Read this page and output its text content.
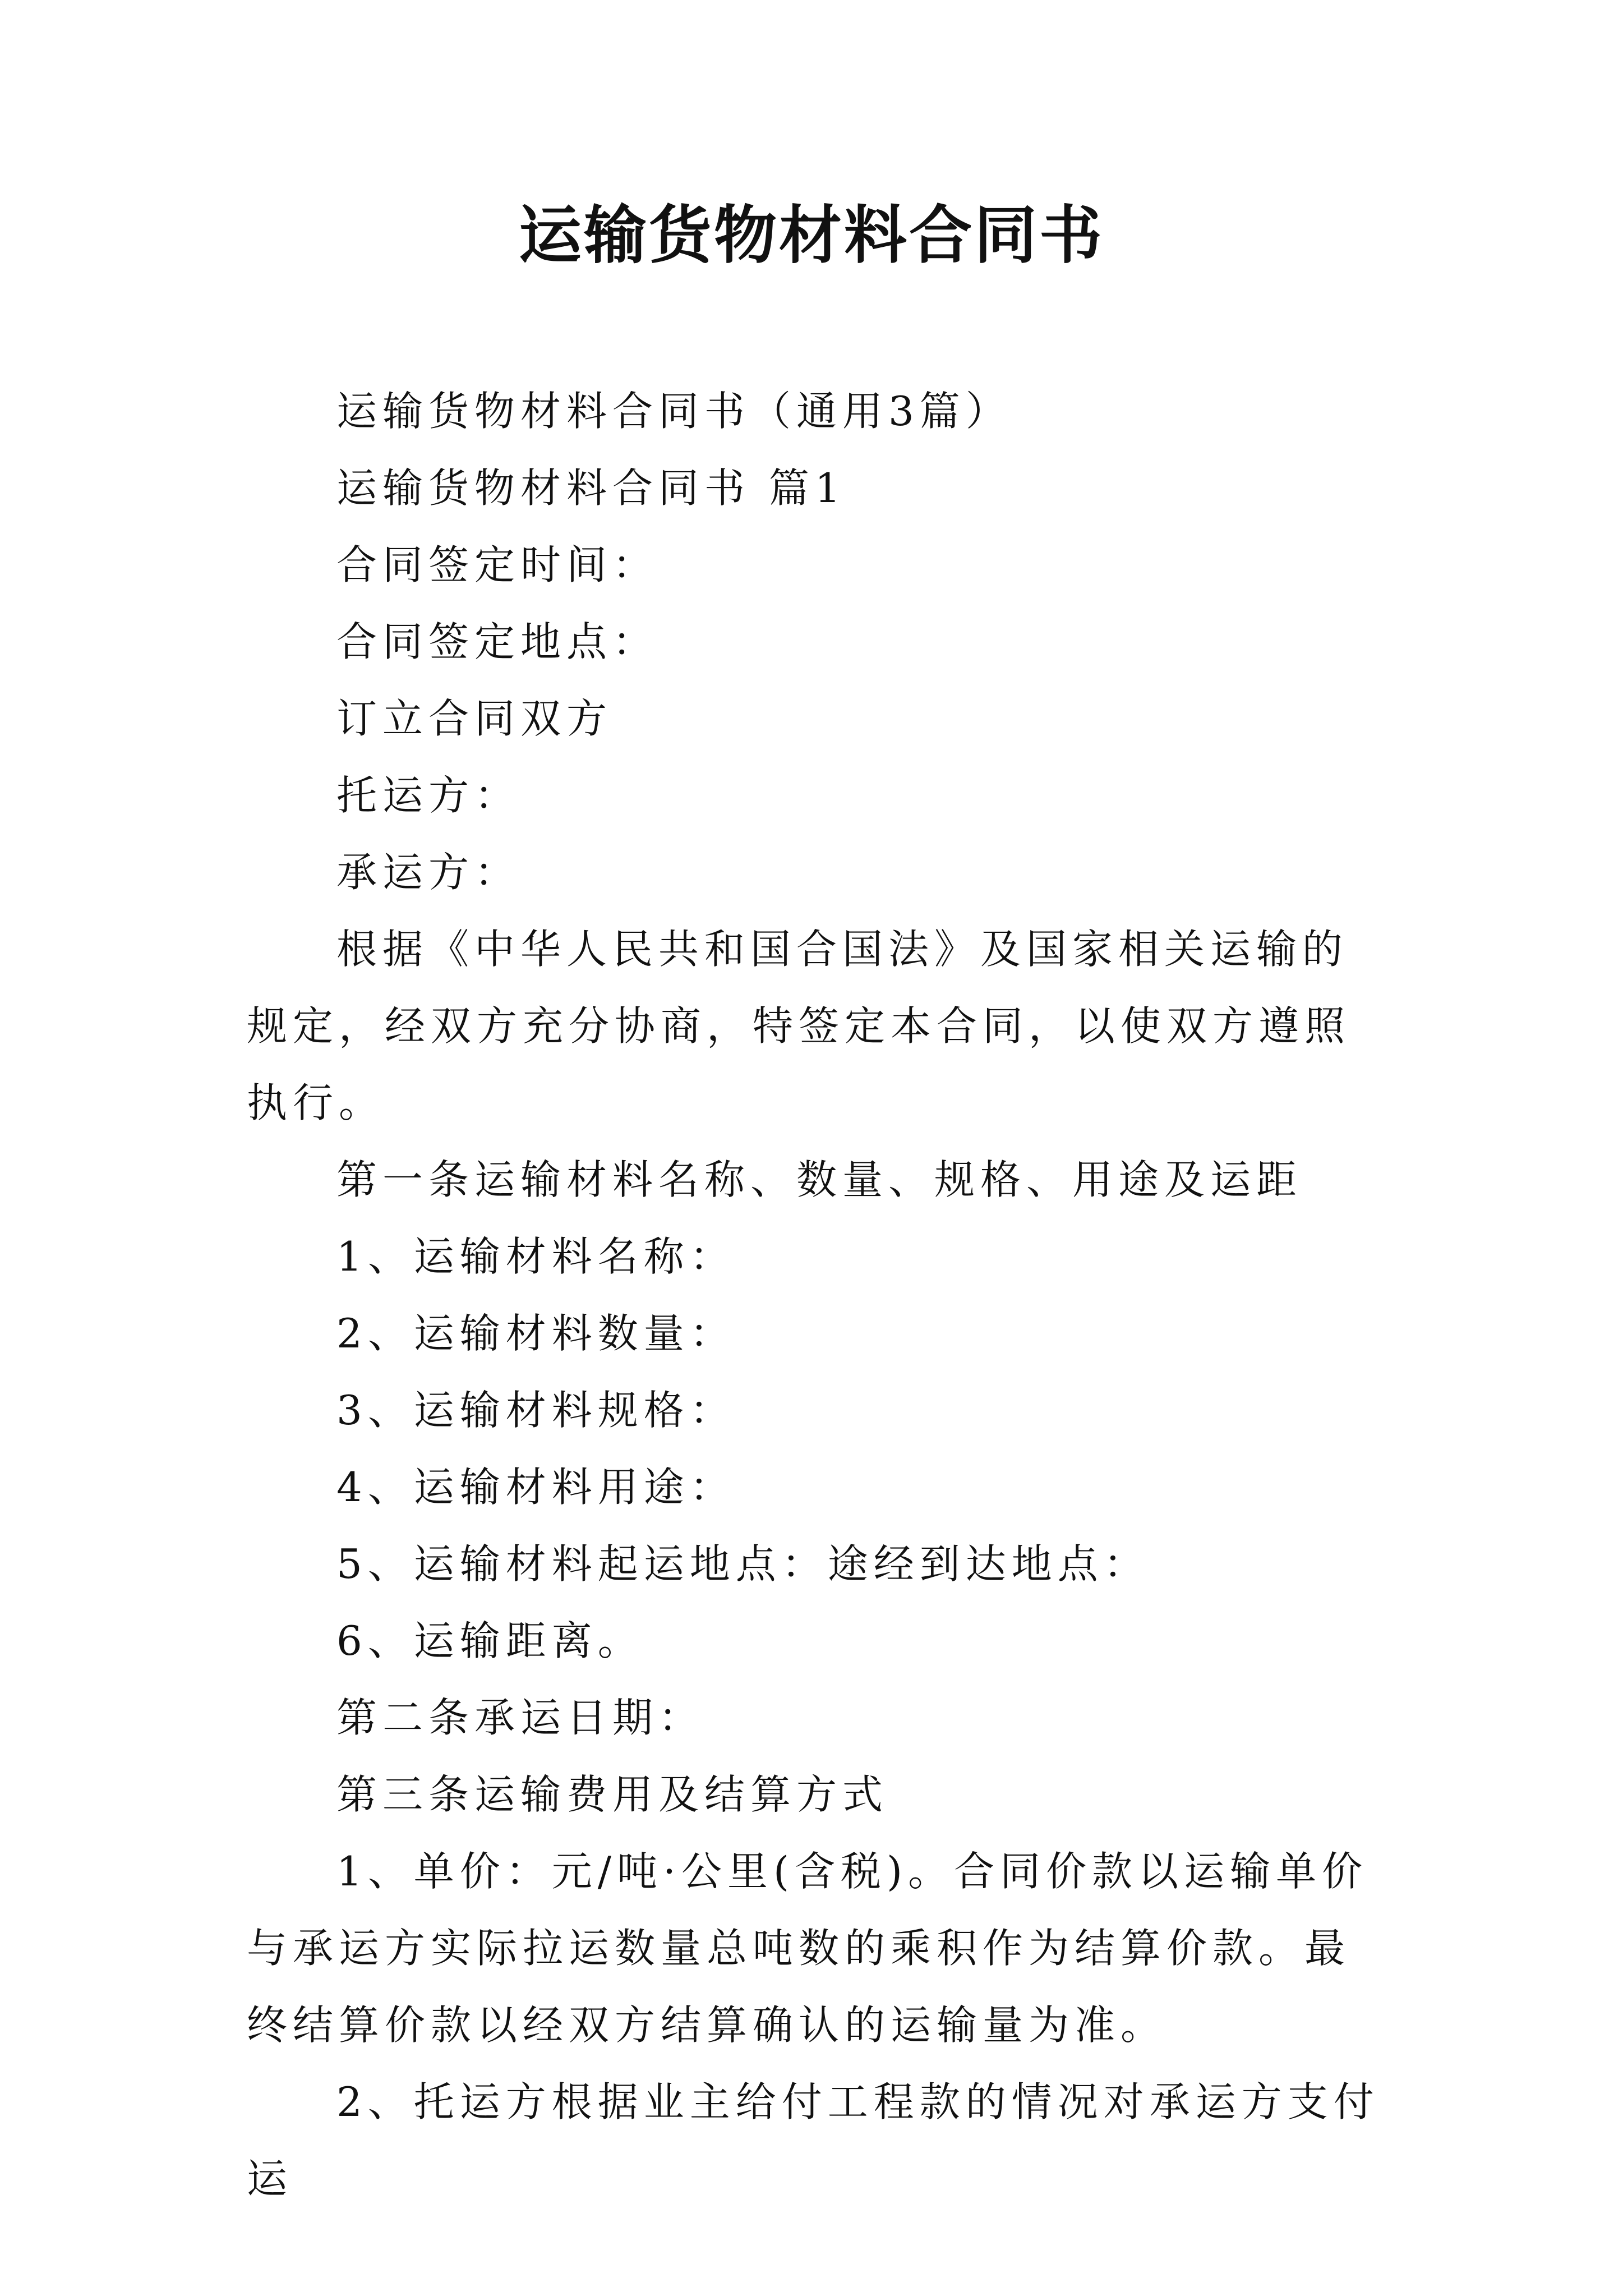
运输货物材料合同书

运输货物材料合同书（通用3篇）

运输货物材料合同书 篇1

合同签定时间：

合同签定地点：

订立合同双方

托运方：

承运方：

根据《中华人民共和国合国法》及国家相关运输的规定，经双方充分协商，特签定本合同，以使双方遵照执行。

第一条运输材料名称、数量、规格、用途及运距

1、运输材料名称：

2、运输材料数量：

3、运输材料规格：

4、运输材料用途：

5、运输材料起运地点：途经到达地点：

6、运输距离。

第二条承运日期：

第三条运输费用及结算方式

1、单价：元/吨·公里(含税)。合同价款以运输单价与承运方实际拉运数量总吨数的乘积作为结算价款。最终结算价款以经双方结算确认的运输量为准。

2、托运方根据业主给付工程款的情况对承运方支付运
